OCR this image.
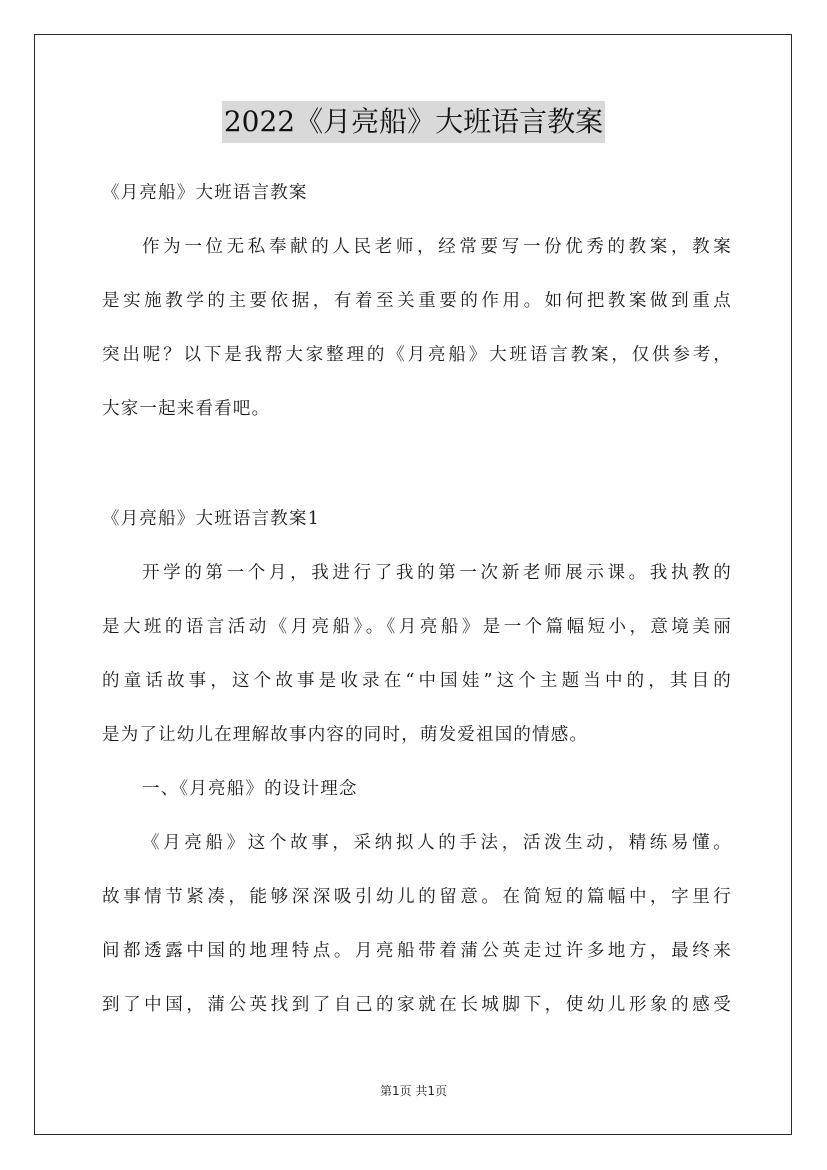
2022《月亮船》大班语言教案
《月亮船》大班语言教案
作为一位无私奉献的人民老师，经常要写一份优秀的教案，教案
是实施教学的主要依据，有着至关重要的作用。如何把教案做到重点
突出呢？以下是我帮大家整理的《月亮船》大班语言教案，仅供参考，
大家一起来看看吧。
《月亮船》大班语言教案1
开学的第一个月，我进行了我的第一次新老师展示课。我执教的
是大班的语言活动《月亮船》。《月亮船》是一个篇幅短小，意境美丽
的童话故事，这个故事是收录在“中国娃”这个主题当中的，其目的
是为了让幼儿在理解故事内容的同时，萌发爱祖国的情感。
一、《月亮船》的设计理念
《月亮船》这个故事，采纳拟人的手法，活泼生动，精练易懂。
故事情节紧凑，能够深深吸引幼儿的留意。在简短的篇幅中，字里行
间都透露中国的地理特点。月亮船带着蒲公英走过许多地方，最终来
到了中国，蒲公英找到了自己的家就在长城脚下，使幼儿形象的感受
第1页 共1页
